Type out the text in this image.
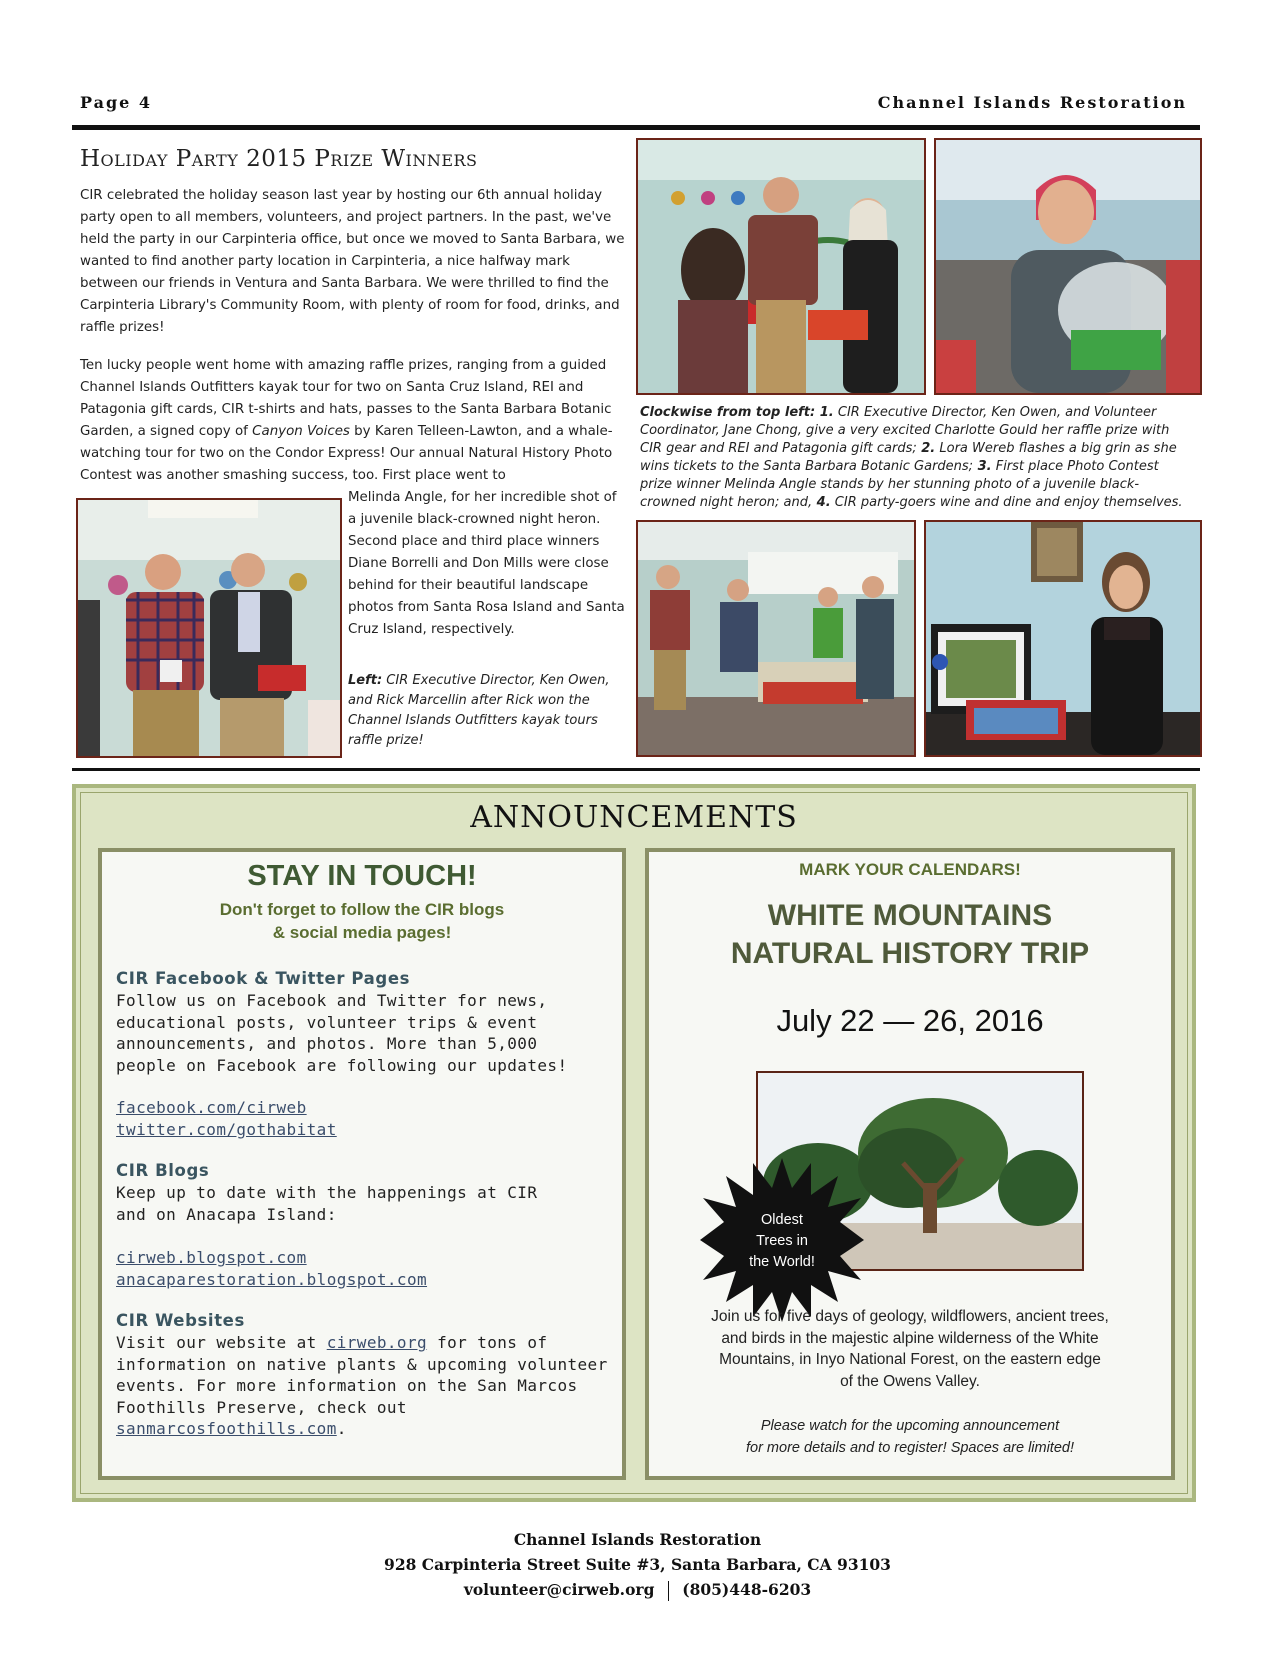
Page 4	Channel Islands Restoration
Holiday Party 2015 Prize Winners
CIR celebrated the holiday season last year by hosting our 6th annual holiday party open to all members, volunteers, and project partners. In the past, we've held the party in our Carpinteria office, but once we moved to Santa Barbara, we wanted to find another party location in Carpinteria, a nice halfway mark between our friends in Ventura and Santa Barbara. We were thrilled to find the Carpinteria Library's Community Room, with plenty of room for food, drinks, and raffle prizes!
Ten lucky people went home with amazing raffle prizes, ranging from a guided Channel Islands Outfitters kayak tour for two on Santa Cruz Island, REI and Patagonia gift cards, CIR t-shirts and hats, passes to the Santa Barbara Botanic Garden, a signed copy of Canyon Voices by Karen Telleen-Lawton, and a whale-watching tour for two on the Condor Express! Our annual Natural History Photo Contest was another smashing success, too. First place went to
Melinda Angle, for her incredible shot of a juvenile black-crowned night heron. Second place and third place winners Diane Borrelli and Don Mills were close behind for their beautiful landscape photos from Santa Rosa Island and Santa Cruz Island, respectively.
Left: CIR Executive Director, Ken Owen, and Rick Marcellin after Rick won the Channel Islands Outfitters kayak tours raffle prize!
Clockwise from top left: 1. CIR Executive Director, Ken Owen, and Volunteer Coordinator, Jane Chong, give a very excited Charlotte Gould her raffle prize with CIR gear and REI and Patagonia gift cards; 2. Lora Wereb flashes a big grin as she wins tickets to the Santa Barbara Botanic Gardens; 3. First place Photo Contest prize winner Melinda Angle stands by her stunning photo of a juvenile black-crowned night heron; and, 4. CIR party-goers wine and dine and enjoy themselves.
ANNOUNCEMENTS
STAY IN TOUCH!
Don't forget to follow the CIR blogs
& social media pages!
CIR Facebook & Twitter Pages
Follow us on Facebook and Twitter for news,
educational posts, volunteer trips & event
announcements, and photos. More than 5,000
people on Facebook are following our updates!
facebook.com/cirweb
twitter.com/gothabitat
CIR Blogs
Keep up to date with the happenings at CIR
and on Anacapa Island:
cirweb.blogspot.com
anacaparestoration.blogspot.com
CIR Websites
Visit our website at cirweb.org for tons of
information on native plants & upcoming volunteer
events. For more information on the San Marcos
Foothills Preserve, check out
sanmarcosfoothills.com.
MARK YOUR CALENDARS!
WHITE MOUNTAINS
NATURAL HISTORY TRIP
July 22 — 26, 2016
Oldest
Trees in
the World!
Join us for five days of geology, wildflowers, ancient trees,
and birds in the majestic alpine wilderness of the White
Mountains, in Inyo National Forest, on the eastern edge
of the Owens Valley.
Please watch for the upcoming announcement
for more details and to register! Spaces are limited!
Channel Islands Restoration
928 Carpinteria Street Suite #3, Santa Barbara, CA 93103
volunteer@cirweb.org (805)448-6203
